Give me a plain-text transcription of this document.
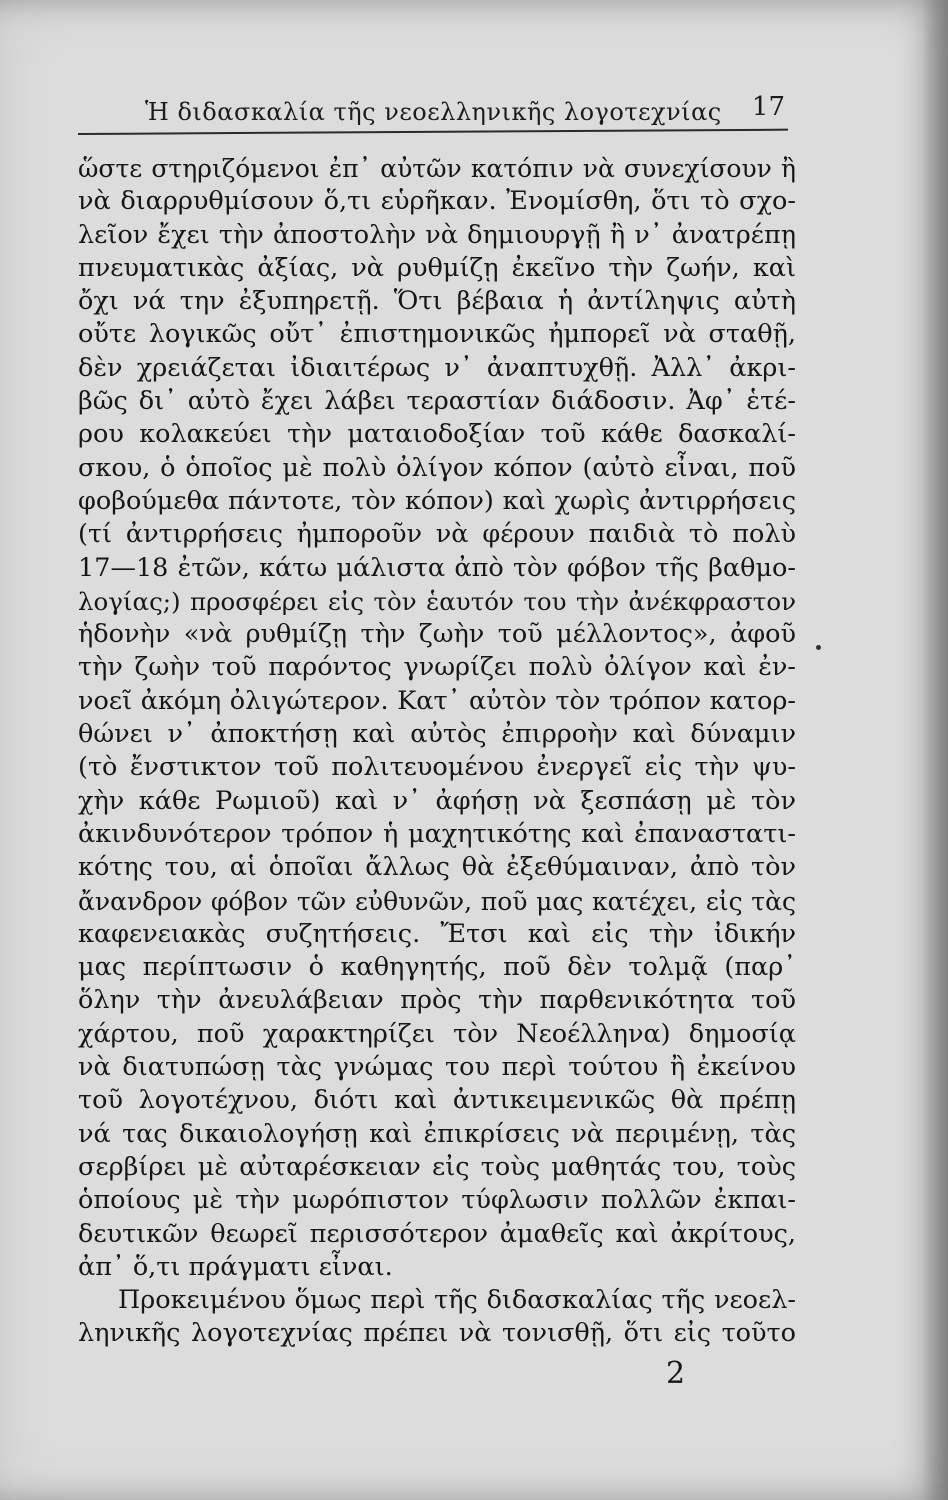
Ἡ διδασκαλία τῆς νεοελληνικῆς λογοτεχνίας 17
ὥστε στηριζόμενοι ἐπ᾿ αὐτῶν κατόπιν νὰ συνεχίσουν ἢ
νὰ διαρρυθμίσουν ὅ,τι εὑρῆκαν. Ἐνομίσθη, ὅτι τὸ σχο-
λεῖον ἔχει τὴν ἀποστολὴν νὰ δημιουργῇ ἢ ν᾿ ἀνατρέπῃ
πνευματικὰς ἀξίας, νὰ ρυθμίζῃ ἐκεῖνο τὴν ζωήν, καὶ
ὄχι νά την ἐξυπηρετῇ. Ὅτι βέβαια ἡ ἀντίληψις αὐτὴ
οὔτε λογικῶς οὔτ᾿ ἐπιστημονικῶς ἠμπορεῖ νὰ σταθῇ,
δὲν χρειάζεται ἰδιαιτέρως ν᾿ ἀναπτυχθῇ. Ἀλλ᾿ ἀκρι-
βῶς δι᾿ αὐτὸ ἔχει λάβει τεραστίαν διάδοσιν. Ἀφ᾿ ἑτέ-
ρου κολακεύει τὴν ματαιοδοξίαν τοῦ κάθε δασκαλί-
σκου, ὁ ὁποῖος μὲ πολὺ ὀλίγον κόπον (αὐτὸ εἶναι, ποῦ
φοβούμεθα πάντοτε, τὸν κόπον) καὶ χωρὶς ἀντιρρήσεις
(τί ἀντιρρήσεις ἠμποροῦν νὰ φέρουν παιδιὰ τὸ πολὺ
17—18 ἐτῶν, κάτω μάλιστα ἀπὸ τὸν φόβον τῆς βαθμο-
λογίας;) προσφέρει εἰς τὸν ἑαυτόν του τὴν ἀνέκφραστον
ἡδονὴν «νὰ ρυθμίζῃ τὴν ζωὴν τοῦ μέλλοντος», ἀφοῦ
τὴν ζωὴν τοῦ παρόντος γνωρίζει πολὺ ὀλίγον καὶ ἐν-
νοεῖ ἀκόμη ὀλιγώτερον. Κατ᾿ αὐτὸν τὸν τρόπον κατορ-
θώνει ν᾿ ἀποκτήσῃ καὶ αὐτὸς ἐπιρροὴν καὶ δύναμιν
(τὸ ἔνστικτον τοῦ πολιτευομένου ἐνεργεῖ εἰς τὴν ψυ-
χὴν κάθε Ρωμιοῦ) καὶ ν᾿ ἀφήσῃ νὰ ξεσπάσῃ μὲ τὸν
ἀκινδυνότερον τρόπον ἡ μαχητικότης καὶ ἐπαναστατι-
κότης του, αἱ ὁποῖαι ἄλλως θὰ ἐξεθύμαιναν, ἀπὸ τὸν
ἄνανδρον φόβον τῶν εὐθυνῶν, ποῦ μας κατέχει, εἰς τὰς
καφενειακὰς συζητήσεις. Ἔτσι καὶ εἰς τὴν ἰδικήν
μας περίπτωσιν ὁ καθηγητής, ποῦ δὲν τολμᾷ (παρ᾿
ὅλην τὴν ἀνευλάβειαν πρὸς τὴν παρθενικότητα τοῦ
χάρτου, ποῦ χαρακτηρίζει τὸν Νεοέλληνα) δημοσίᾳ
νὰ διατυπώσῃ τὰς γνώμας του περὶ τούτου ἢ ἐκείνου
τοῦ λογοτέχνου, διότι καὶ ἀντικειμενικῶς θὰ πρέπῃ
νά τας δικαιολογήσῃ καὶ ἐπικρίσεις νὰ περιμένῃ, τὰς
σερβίρει μὲ αὐταρέσκειαν εἰς τοὺς μαθητάς του, τοὺς
ὁποίους μὲ τὴν μωρόπιστον τύφλωσιν πολλῶν ἐκπαι-
δευτικῶν θεωρεῖ περισσότερον ἀμαθεῖς καὶ ἀκρίτους,
ἀπ᾿ ὅ,τι πράγματι εἶναι.
Προκειμένου ὅμως περὶ τῆς διδασκαλίας τῆς νεοελ-
ληνικῆς λογοτεχνίας πρέπει νὰ τονισθῇ, ὅτι εἰς τοῦτο
2
